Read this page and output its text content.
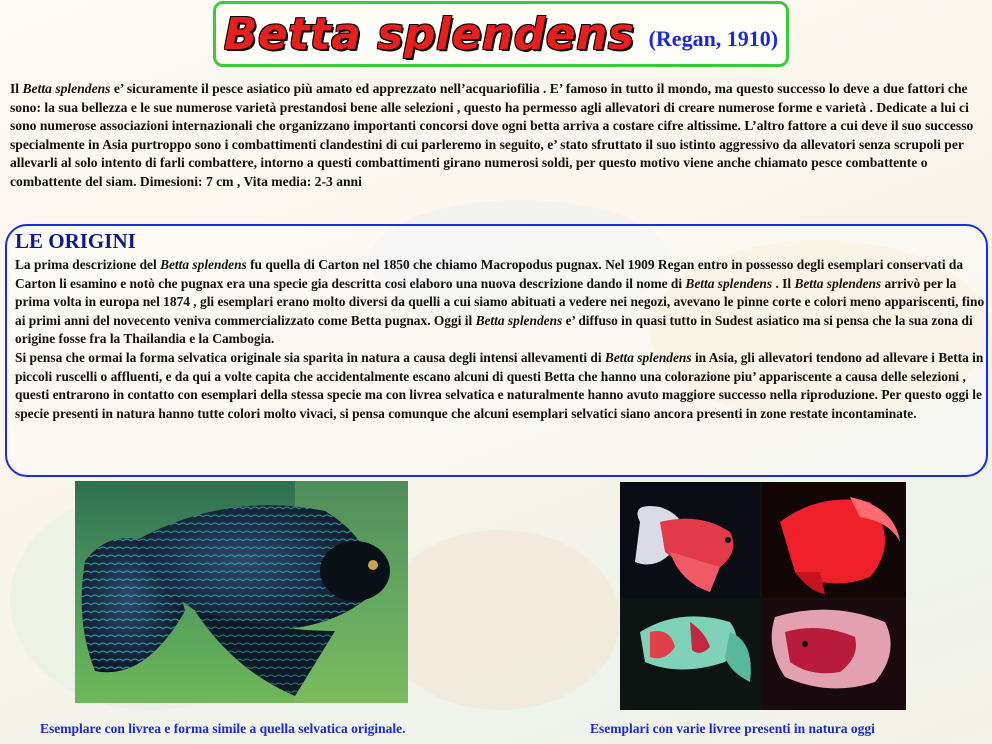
Betta splendens (Regan, 1910)
Il Betta splendens e’ sicuramente il pesce asiatico più amato ed apprezzato nell’acquariofilia . E’ famoso in tutto il mondo, ma questo successo lo deve a due fattori che sono: la sua bellezza e le sue numerose varietà prestandosi bene alle selezioni , questo ha permesso agli allevatori di creare numerose forme e varietà . Dedicate a lui ci sono numerose associazioni internazionali che organizzano importanti concorsi dove ogni betta arriva a costare cifre altissime. L’altro fattore a cui deve il suo successo specialmente in Asia purtroppo sono i combattimenti clandestini di cui parleremo in seguito, e’ stato sfruttato il suo istinto aggressivo da allevatori senza scrupoli per allevarli al solo intento di farli combattere, intorno a questi combattimenti girano numerosi soldi, per questo motivo viene anche chiamato pesce combattente o combattente del siam. Dimesioni: 7 cm , Vita media: 2-3 anni
LE ORIGINI

La prima descrizione del Betta splendens fu quella di Carton nel 1850 che chiamo Macropodus pugnax. Nel 1909 Regan entro in possesso degli esemplari conservati da Carton li esamino e notò che pugnax era una specie gia descritta cosi elaboro una nuova descrizione dando il nome di Betta splendens . Il Betta splendens arrivò per la prima volta in europa nel 1874 , gli esemplari erano molto diversi da quelli a cui siamo abituati a vedere nei negozi, avevano le pinne corte e colori meno appariscenti, fino ai primi anni del novecento veniva commercializzato come Betta pugnax. Oggi il Betta splendens e’ diffuso in quasi tutto in Sudest asiatico ma si pensa che la sua zona di origine fosse fra la Thailandia e la Cambogia.

Si pensa che ormai la forma selvatica originale sia sparita in natura a causa degli intensi allevamenti di Betta splendens in Asia, gli allevatori tendono ad allevare i Betta in piccoli ruscelli o affluenti, e da qui a volte capita che accidentalmente escano alcuni di questi Betta che hanno una colorazione piu’ appariscente a causa delle selezioni , questi entrarono in contatto con esemplari della stessa specie ma con livrea selvatica e naturalmente hanno avuto maggiore successo nella riproduzione. Per questo oggi le specie presenti in natura hanno tutte colori molto vivaci, si pensa comunque che alcuni esemplari selvatici siano ancora presenti in zone restate incontaminate.

Esemplare con livrea e forma simile a quella selvatica originale.	Esemplari con varie livree presenti in natura oggi
